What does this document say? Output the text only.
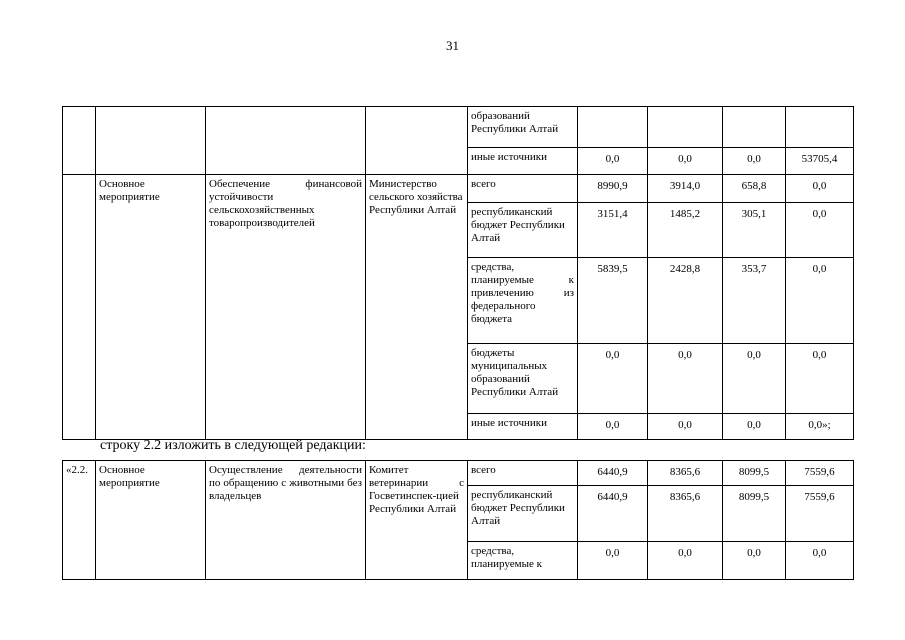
31
				образований Республики Алтай				
				иные источники	0,0	0,0	0,0	53705,4
	Основное мероприятие	Обеспечение финансовой устойчивости сельскохозяйственных товаропроизводителей	Министерство сельского хозяйства Республики Алтай	всего	8990,9	3914,0	658,8	0,0
				республиканский бюджет Республики Алтай	3151,4	1485,2	305,1	0,0
				средства, планируемые к привлечению из федерального бюджета	5839,5	2428,8	353,7	0,0
				бюджеты муниципальных образований Республики Алтай	0,0	0,0	0,0	0,0
				иные источники	0,0	0,0	0,0	0,0»;
строку 2.2 изложить в следующей редакции:
«2.2.	Основное мероприятие	Осуществление деятельности по обращению с животными без владельцев	Комитет ветеринарии с Госветинспек-цией Республики Алтай	всего	6440,9	8365,6	8099,5	7559,6
				республиканский бюджет Республики Алтай	6440,9	8365,6	8099,5	7559,6
				средства, планируемые к	0,0	0,0	0,0	0,0
